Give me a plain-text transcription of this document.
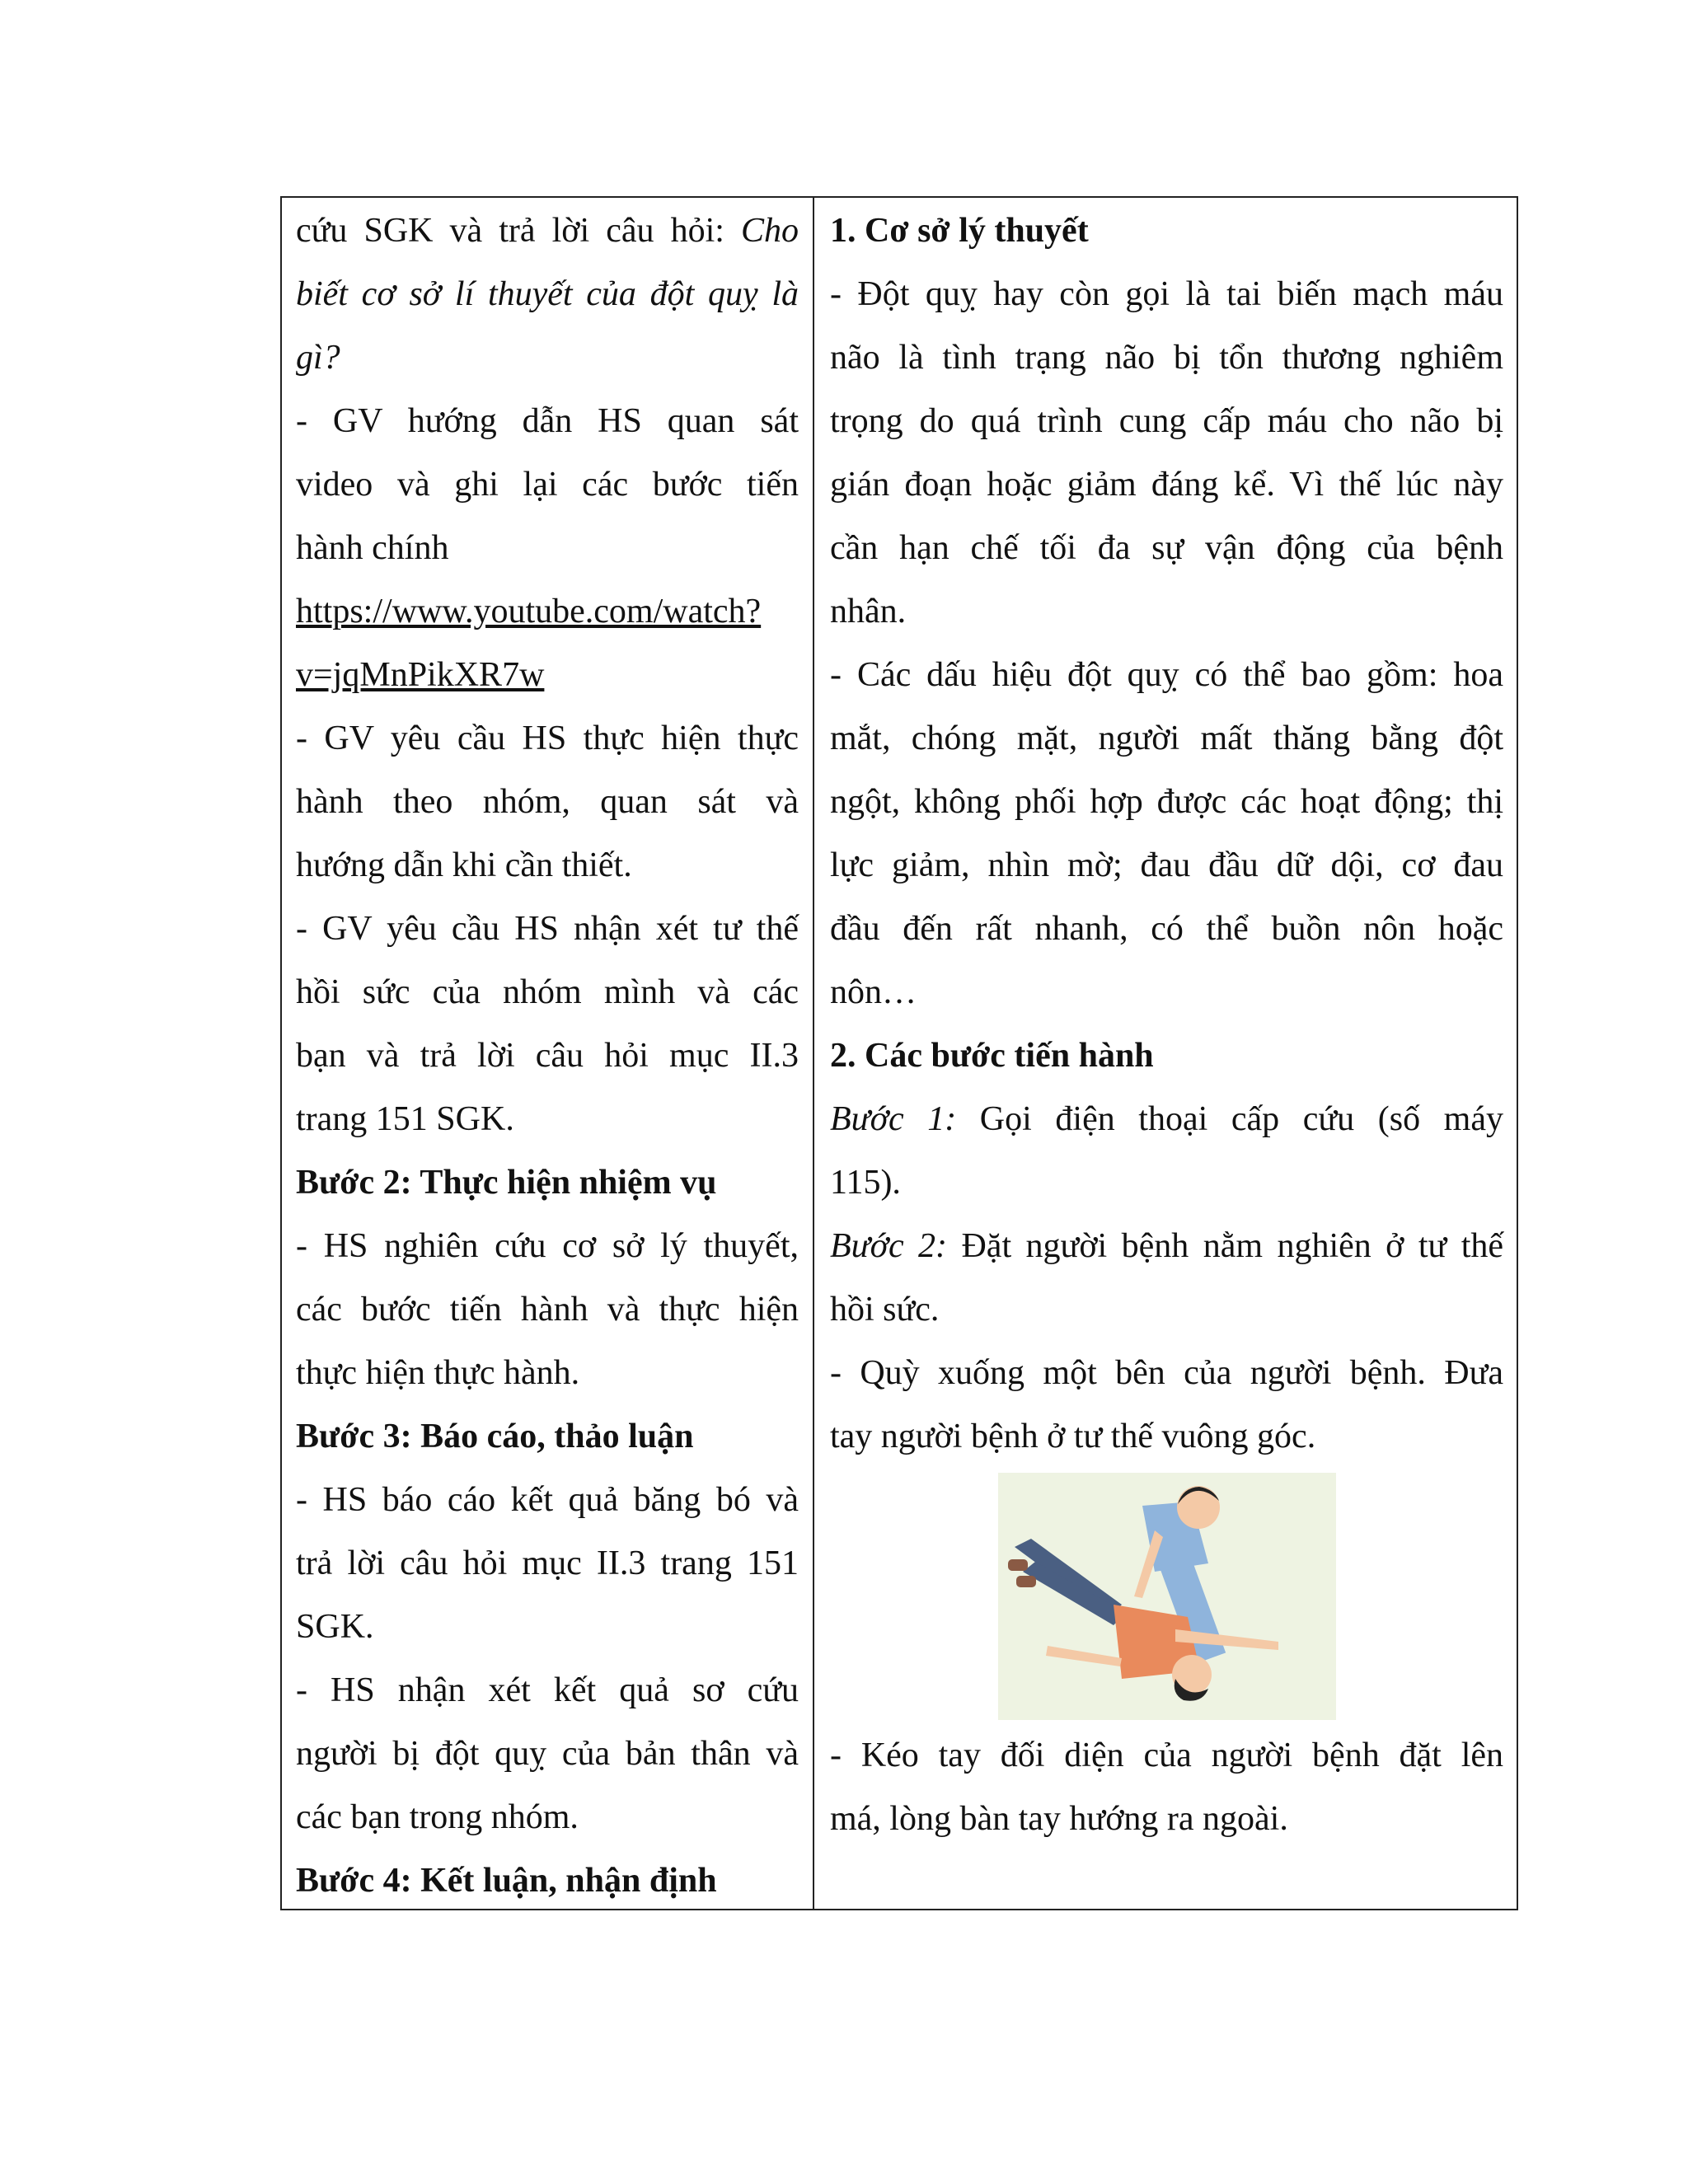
cứu SGK và trả lời câu hỏi: Cho
biết cơ sở lí thuyết của đột quỵ là
gì?
- GV hướng dẫn HS quan sát
video và ghi lại các bước tiến
hành chính
https://www.youtube.com/watch?
v=jqMnPikXR7w
- GV yêu cầu HS thực hiện thực
hành theo nhóm, quan sát và
hướng dẫn khi cần thiết.
- GV yêu cầu HS nhận xét tư thế
hồi sức của nhóm mình và các
bạn và trả lời câu hỏi mục II.3
trang 151 SGK.
Bước 2: Thực hiện nhiệm vụ
- HS nghiên cứu cơ sở lý thuyết,
các bước tiến hành và thực hiện
thực hiện thực hành.
Bước 3: Báo cáo, thảo luận
- HS báo cáo kết quả băng bó và
trả lời câu hỏi mục II.3 trang 151
SGK.
- HS nhận xét kết quả sơ cứu
người bị đột quỵ của bản thân và
các bạn trong nhóm.
Bước 4: Kết luận, nhận định
1. Cơ sở lý thuyết
- Đột quỵ hay còn gọi là tai biến mạch máu
não là tình trạng não bị tổn thương nghiêm
trọng do quá trình cung cấp máu cho não bị
gián đoạn hoặc giảm đáng kể. Vì thế lúc này
cần hạn chế tối đa sự vận động của bệnh
nhân.
- Các dấu hiệu đột quỵ có thể bao gồm: hoa
mắt, chóng mặt, người mất thăng bằng đột
ngột, không phối hợp được các hoạt động; thị
lực giảm, nhìn mờ; đau đầu dữ dội, cơ đau
đầu đến rất nhanh, có thể buồn nôn hoặc
nôn…
2. Các bước tiến hành
Bước 1: Gọi điện thoại cấp cứu (số máy
115).
Bước 2: Đặt người bệnh nằm nghiên ở tư thế
hồi sức.
- Quỳ xuống một bên của người bệnh. Đưa
tay người bệnh ở tư thế vuông góc.
- Kéo tay đối diện của người bệnh đặt lên
má, lòng bàn tay hướng ra ngoài.
